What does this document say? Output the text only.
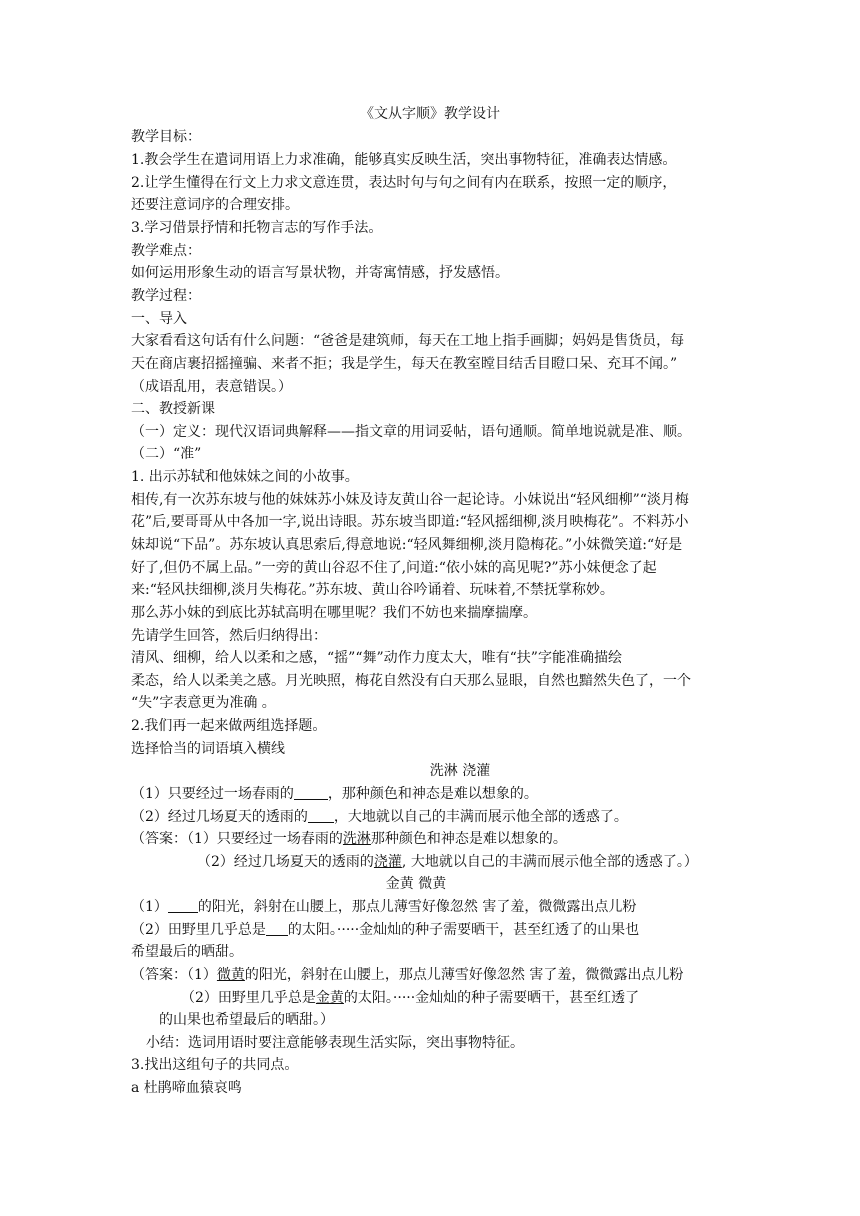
《文从字顺》教学设计
教学目标：
1.教会学生在遣词用语上力求准确，能够真实反映生活，突出事物特征，准确表达情感。
2.让学生懂得在行文上力求文意连贯，表达时句与句之间有内在联系，按照一定的顺序，
还要注意词序的合理安排。
3.学习借景抒情和托物言志的写作手法。
教学难点：
如何运用形象生动的语言写景状物，并寄寓情感，抒发感悟。
教学过程：
一、导入
大家看看这句话有什么问题：“爸爸是建筑师，每天在工地上指手画脚；妈妈是售货员，每
天在商店裹招摇撞骗、来者不拒；我是学生，每天在教室瞠目结舌目瞪口呆、充耳不闻。”
（成语乱用，表意错误。）
二、教授新课
（一）定义：现代汉语词典解释——指文章的用词妥帖，语句通顺。简单地说就是准、顺。
（二）“准”
1. 出示苏轼和他妹妹之间的小故事。
相传,有一次苏东坡与他的妹妹苏小妹及诗友黄山谷一起论诗。小妹说出“轻风细柳”“淡月梅
花”后,要哥哥从中各加一字,说出诗眼。苏东坡当即道:“轻风摇细柳,淡月映梅花”。不料苏小
妹却说“下品”。苏东坡认真思索后,得意地说:“轻风舞细柳,淡月隐梅花。”小妹微笑道:“好是
好了,但仍不属上品。”一旁的黄山谷忍不住了,问道:“依小妹的高见呢?”苏小妹便念了起
来:“轻风扶细柳,淡月失梅花。”苏东坡、黄山谷吟诵着、玩味着,不禁抚掌称妙。
那么苏小妹的到底比苏轼高明在哪里呢？我们不妨也来揣摩揣摩。
先请学生回答，然后归纳得出：
清风、细柳，给人以柔和之感，“摇”“舞”动作力度太大，唯有“扶”字能准确描绘
柔态，给人以柔美之感。月光映照，梅花自然没有白天那么显眼，自然也黯然失色了，一个
“失”字表意更为准确 。
2.我们再一起来做两组选择题。
选择恰当的词语填入横线
洗淋 浇灌
（1）只要经过一场春雨的 ，那种颜色和神态是难以想象的。
（2）经过几场夏天的透雨的 ，大地就以自己的丰满而展示他全部的透惑了。
（答案：（1）只要经过一场春雨的洗淋那种颜色和神态是难以想象的。
（2）经过几场夏天的透雨的浇灌, 大地就以自己的丰满而展示他全部的透惑了。）
金黄 微黄
（1） 的阳光，斜射在山腰上，那点儿薄雪好像忽然 害了羞，微微露出点儿粉
（2）田野里几乎总是 的太阳。·····金灿灿的种子需要晒干，甚至红透了的山果也
希望最后的晒甜。
（答案：（1）微黄的阳光，斜射在山腰上，那点儿薄雪好像忽然 害了羞，微微露出点儿粉
（2）田野里几乎总是金黄的太阳。·····金灿灿的种子需要晒干，甚至红透了
的山果也希望最后的晒甜。）
小结：选词用语时要注意能够表现生活实际，突出事物特征。
3.找出这组句子的共同点。
a 杜鹃啼血猿哀鸣
